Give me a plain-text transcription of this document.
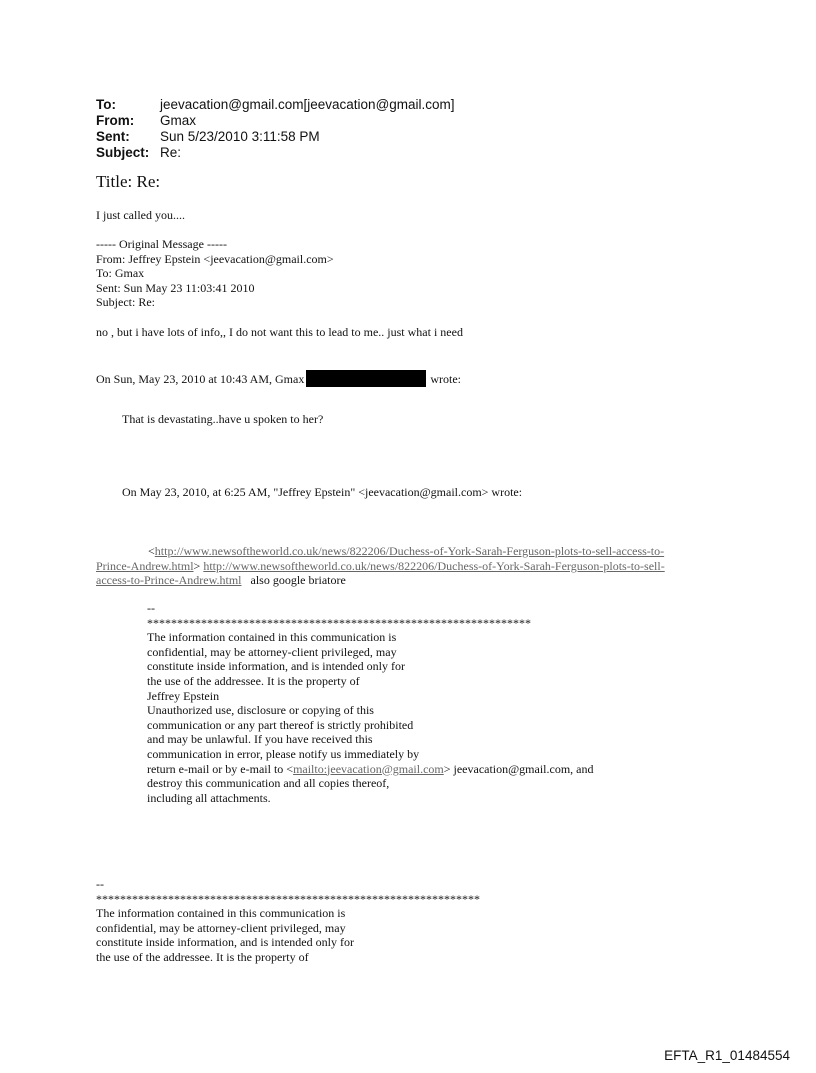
To:	jeevacation@gmail.com[jeevacation@gmail.com]
From: Gmax
Sent: Sun 5/23/2010 3:11:58 PM
Subject: Re:
Title: Re:
I just called you....
----- Original Message -----
From: Jeffrey Epstein <jeevacation@gmail.com>
To: Gmax
Sent: Sun May 23 11:03:41 2010
Subject: Re:
no , but i have lots of info,, I do not want this to lead to me.. just what i need
On Sun, May 23, 2010 at 10:43 AM, Gmax	wrote:
That is devastating..have u spoken to her?
On May 23, 2010, at 6:25 AM, "Jeffrey Epstein" <jeevacation@gmail.com> wrote:
<http://www.newsoftheworld.co.uk/news/822206/Duchess-of-York-Sarah-Ferguson-plots-to-sell-access-to-
Prince-Andrew.html> http://www.newsoftheworld.co.uk/news/822206/Duchess-of-York-Sarah-Ferguson-plots-to-sell-
access-to-Prince-Andrew.html also google briatore
--
****************************************************************
The information contained in this communication is
confidential, may be attorney-client privileged, may
constitute inside information, and is intended only for
the use of the addressee. It is the property of
Jeffrey Epstein
Unauthorized use, disclosure or copying of this
communication or any part thereof is strictly prohibited
and may be unlawful. If you have received this
communication in error, please notify us immediately by
return e-mail or by e-mail to <mailto:jeevacation@gmail.com> jeevacation@gmail.com, and
destroy this communication and all copies thereof,
including all attachments.
--
****************************************************************
The information contained in this communication is
confidential, may be attorney-client privileged, may
constitute inside information, and is intended only for
the use of the addressee. It is the property of
EFTA_R1_01484554
